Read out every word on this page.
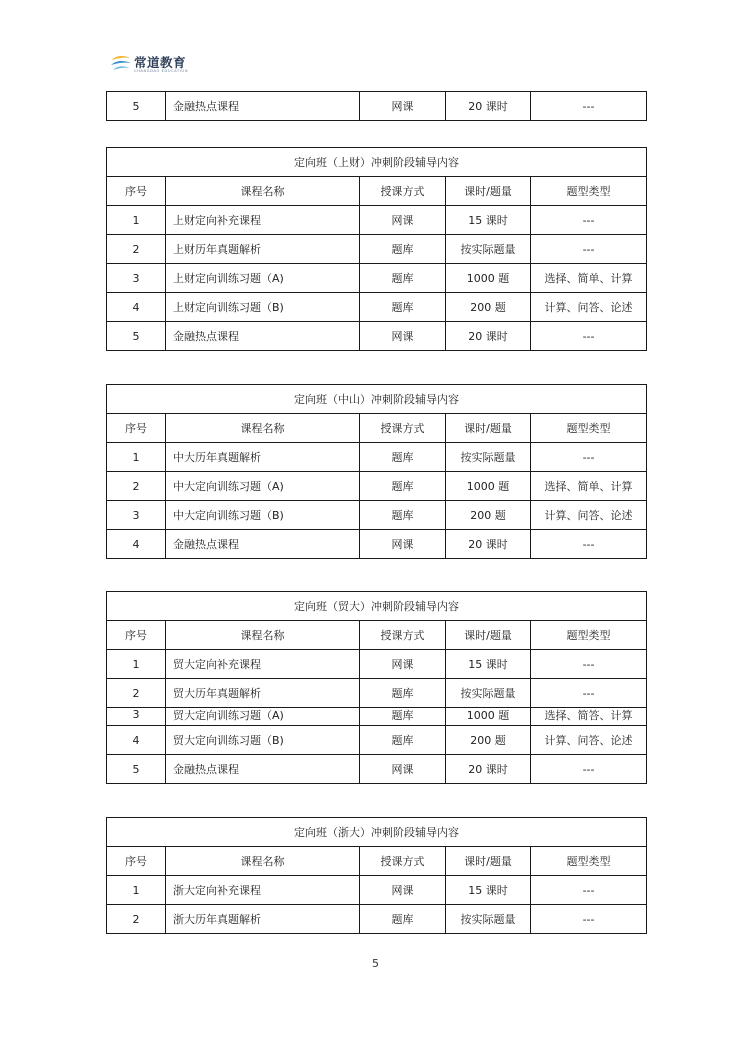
常道教育
CHANGDAO EDUCATION
5	金融热点课程	网课	20 课时	---
定向班（上财）冲刺阶段辅导内容				
序号	课程名称	授课方式	课时/题量	题型类型
1	上财定向补充课程	网课	15 课时	---
2	上财历年真题解析	题库	按实际题量	---
3	上财定向训练习题（A)	题库	1000 题	选择、简单、计算
4	上财定向训练习题（B)	题库	200 题	计算、问答、论述
5	金融热点课程	网课	20 课时	---
定向班（中山）冲刺阶段辅导内容				
序号	课程名称	授课方式	课时/题量	题型类型
1	中大历年真题解析	题库	按实际题量	---
2	中大定向训练习题（A)	题库	1000 题	选择、简单、计算
3	中大定向训练习题（B)	题库	200 题	计算、问答、论述
4	金融热点课程	网课	20 课时	---
定向班（贸大）冲刺阶段辅导内容				
序号	课程名称	授课方式	课时/题量	题型类型
1	贸大定向补充课程	网课	15 课时	---
2	贸大历年真题解析	题库	按实际题量	---
3	贸大定向训练习题（A)	题库	1000 题	选择、简答、计算
4	贸大定向训练习题（B)	题库	200 题	计算、问答、论述
5	金融热点课程	网课	20 课时	---
定向班（浙大）冲刺阶段辅导内容				
序号	课程名称	授课方式	课时/题量	题型类型
1	浙大定向补充课程	网课	15 课时	---
2	浙大历年真题解析	题库	按实际题量	---
5
